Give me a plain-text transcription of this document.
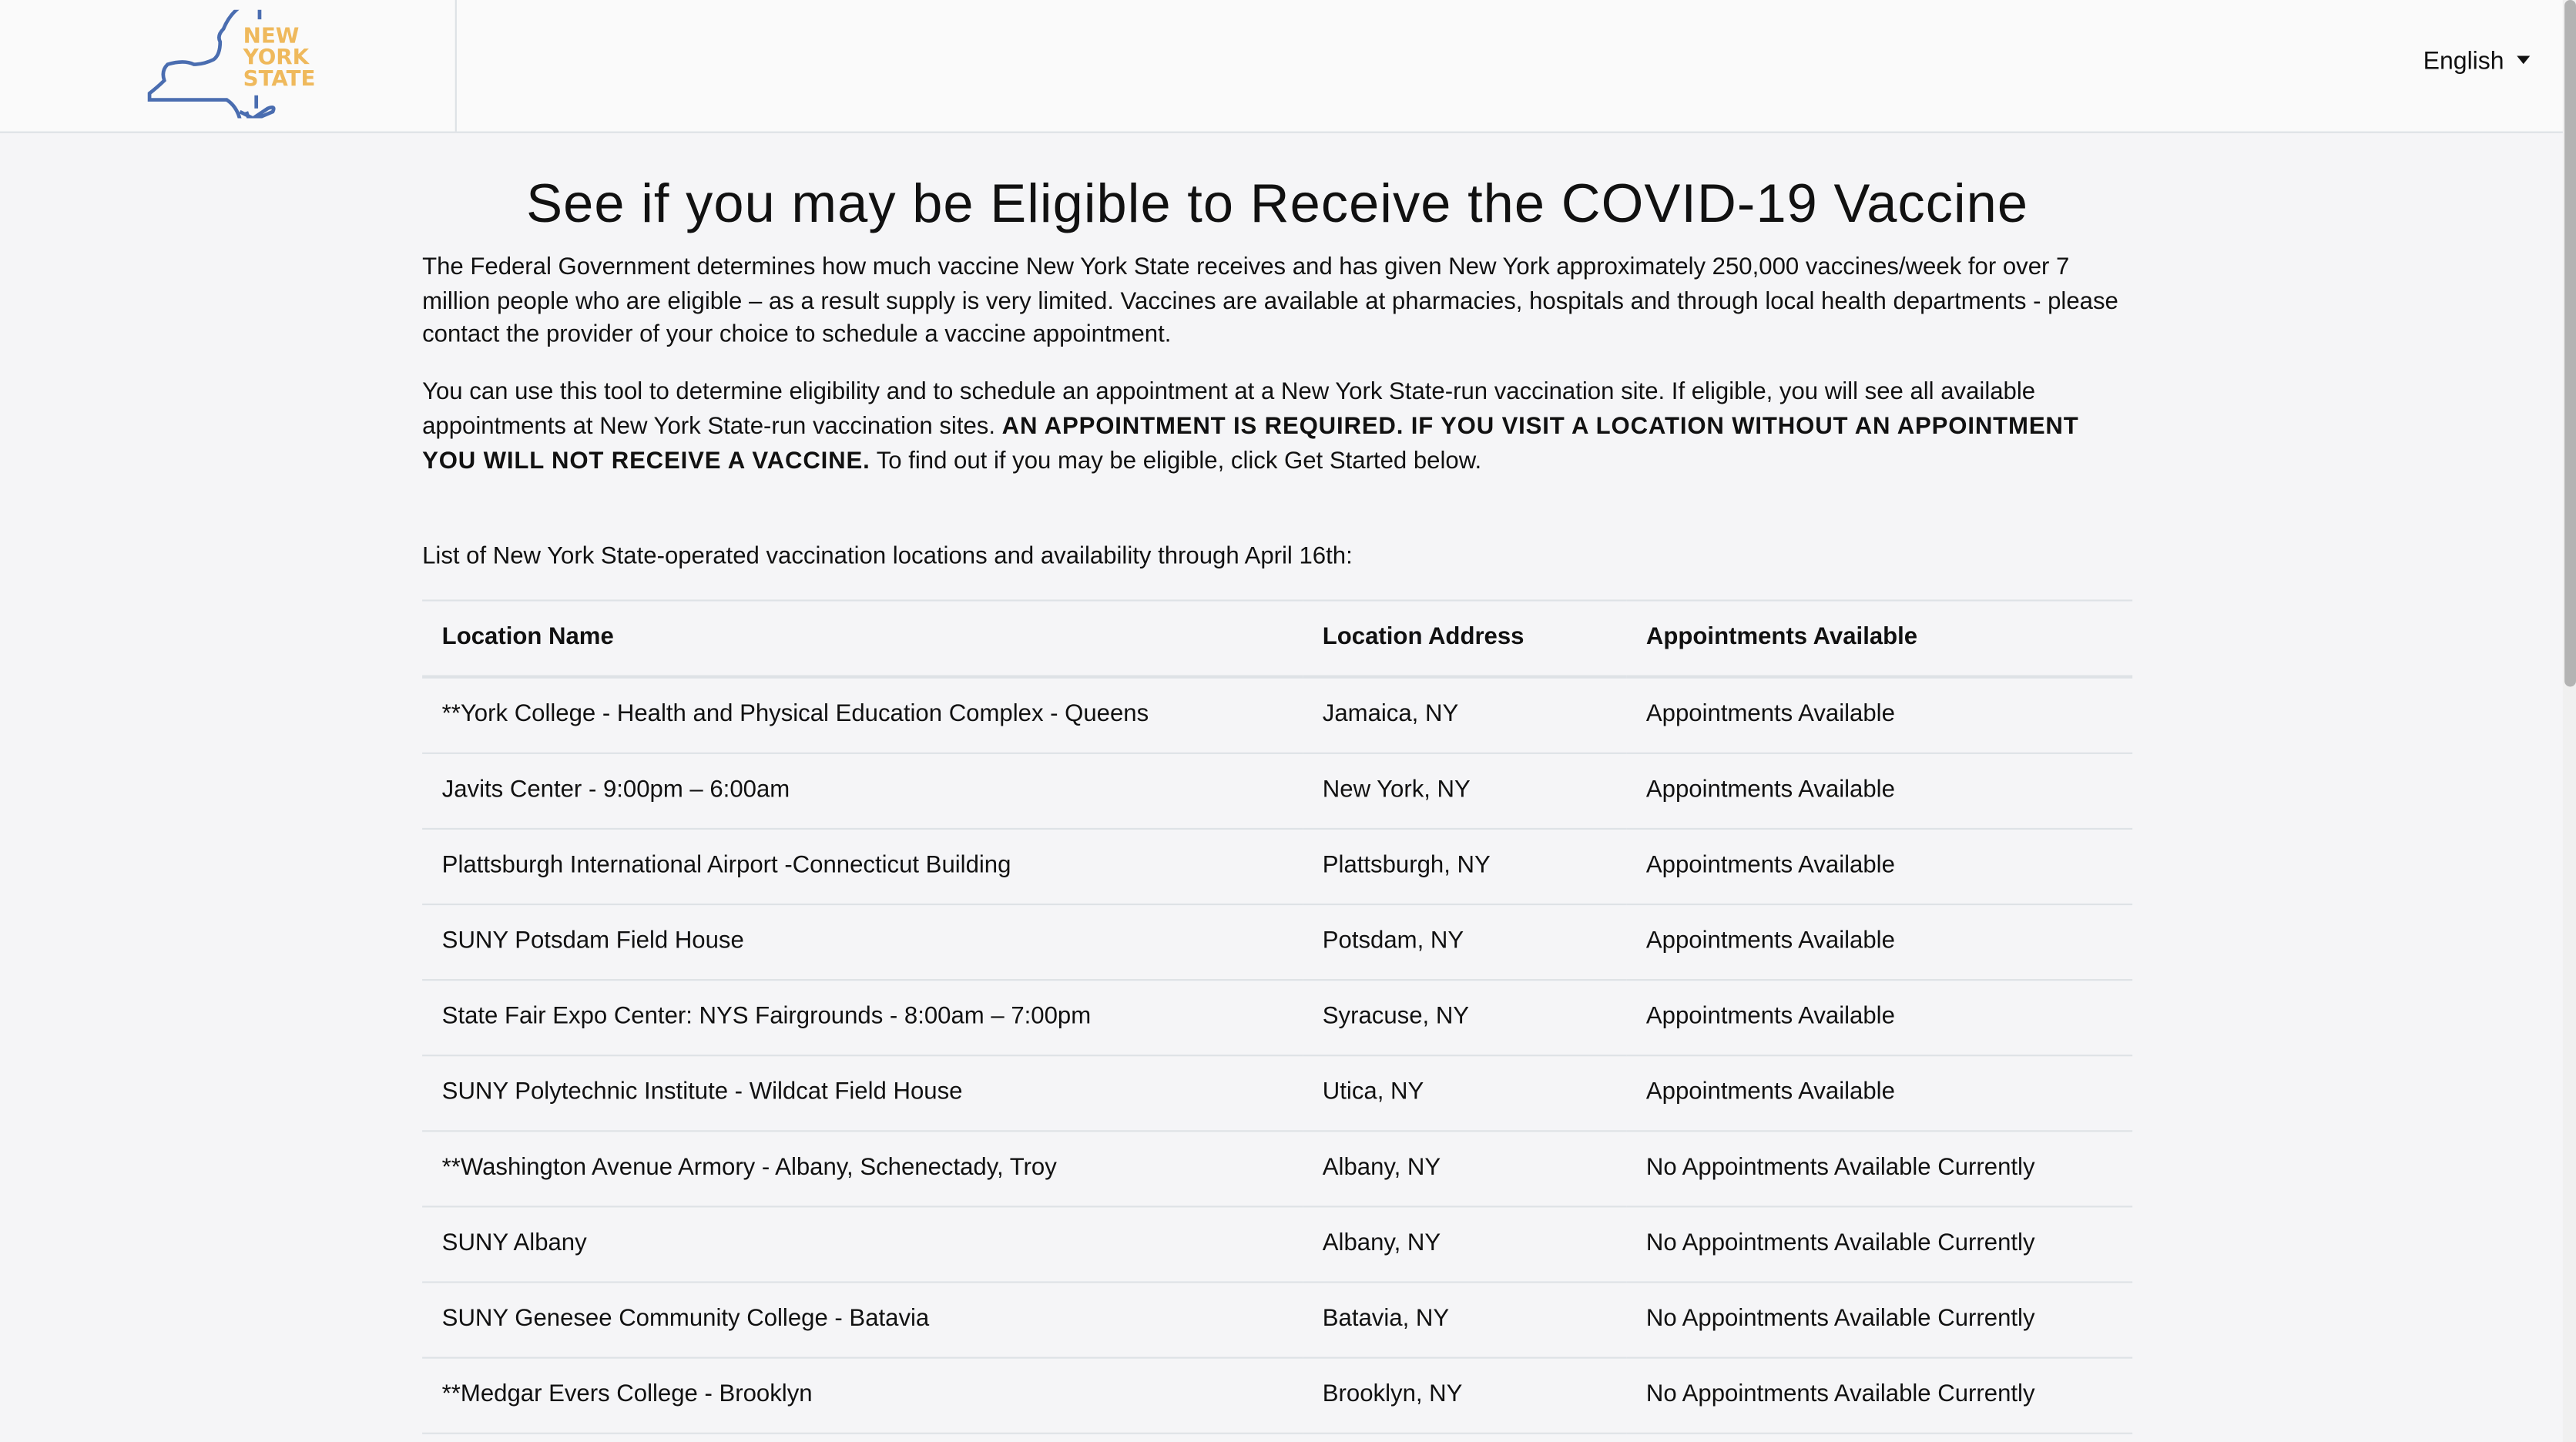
NEW
YORK
STATE
English
See if you may be Eligible to Receive the COVID-19 Vaccine

The Federal Government determines how much vaccine New York State receives and has given New York approximately 250,000 vaccines/week for over 7 million people who are eligible – as a result supply is very limited. Vaccines are available at pharmacies, hospitals and through local health departments - please contact the provider of your choice to schedule a vaccine appointment.

You can use this tool to determine eligibility and to schedule an appointment at a New York State-run vaccination site. If eligible, you will see all available appointments at New York State-run vaccination sites. AN APPOINTMENT IS REQUIRED. IF YOU VISIT A LOCATION WITHOUT AN APPOINTMENT YOU WILL NOT RECEIVE A VACCINE. To find out if you may be eligible, click Get Started below.

List of New York State-operated vaccination locations and availability through April 16th:

Location Name	Location Address	Appointments Available
**York College - Health and Physical Education Complex - Queens	Jamaica, NY	Appointments Available
Javits Center - 9:00pm – 6:00am	New York, NY	Appointments Available
Plattsburgh International Airport -Connecticut Building	Plattsburgh, NY	Appointments Available
SUNY Potsdam Field House	Potsdam, NY	Appointments Available
State Fair Expo Center: NYS Fairgrounds - 8:00am – 7:00pm	Syracuse, NY	Appointments Available
SUNY Polytechnic Institute - Wildcat Field House	Utica, NY	Appointments Available
**Washington Avenue Armory - Albany, Schenectady, Troy	Albany, NY	No Appointments Available Currently
SUNY Albany	Albany, NY	No Appointments Available Currently
SUNY Genesee Community College - Batavia	Batavia, NY	No Appointments Available Currently
**Medgar Evers College - Brooklyn	Brooklyn, NY	No Appointments Available Currently
